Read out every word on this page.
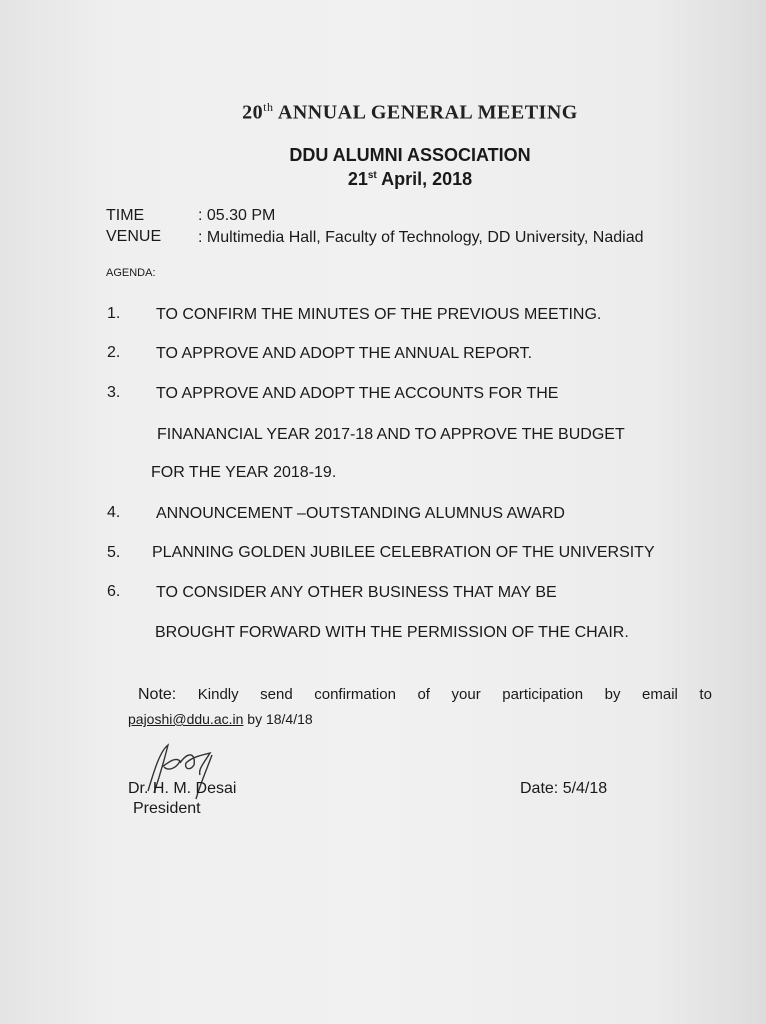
20th ANNUAL GENERAL MEETING
DDU ALUMNI ASSOCIATION
21st April, 2018
TIME	: 05.30 PM
VENUE : Multimedia Hall, Faculty of Technology, DD University, Nadiad
AGENDA:
1. TO CONFIRM THE MINUTES OF THE PREVIOUS MEETING.
2. TO APPROVE AND ADOPT THE ANNUAL REPORT.
3. TO APPROVE AND ADOPT THE ACCOUNTS FOR THE
FINANANCIAL YEAR 2017-18 AND TO APPROVE THE BUDGET
FOR THE YEAR 2018-19.
4. ANNOUNCEMENT –OUTSTANDING ALUMNUS AWARD
5. PLANNING GOLDEN JUBILEE CELEBRATION OF THE UNIVERSITY
6. TO CONSIDER ANY OTHER BUSINESS THAT MAY BE
BROUGHT FORWARD WITH THE PERMISSION OF THE CHAIR.
Note: Kindly send confirmation of your participation by email to
pajoshi@ddu.ac.in by 18/4/18
Dr. H. M. Desai
President
Date: 5/4/18
